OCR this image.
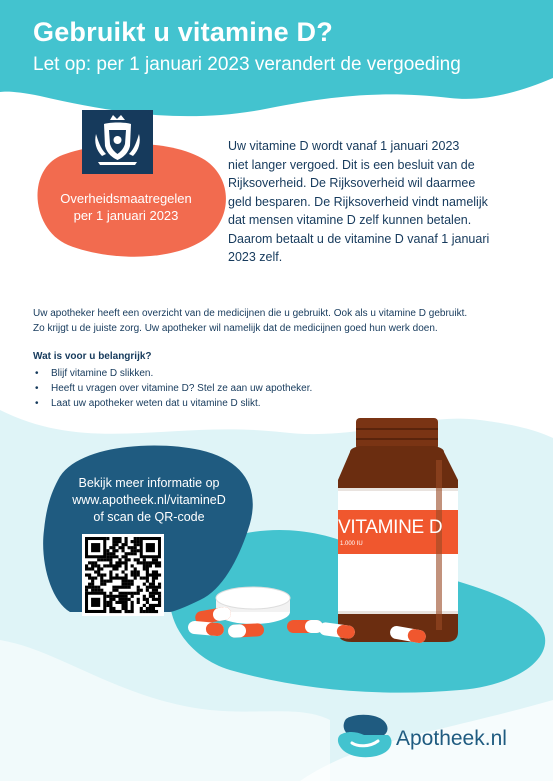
Gebruikt u vitamine D?
Let op: per 1 januari 2023 verandert de vergoeding
Overheidsmaatregelen
per 1 januari 2023
Uw vitamine D wordt vanaf 1 januari 2023
niet langer vergoed. Dit is een besluit van de
Rijksoverheid. De Rijksoverheid wil daarmee
geld besparen. De Rijksoverheid vindt namelijk
dat mensen vitamine D zelf kunnen betalen.
Daarom betaalt u de vitamine D vanaf 1 januari
2023 zelf.
Uw apotheker heeft een overzicht van de medicijnen die u gebruikt. Ook als u vitamine D gebruikt.
Zo krijgt u de juiste zorg. Uw apotheker wil namelijk dat de medicijnen goed hun werk doen.
Wat is voor u belangrijk?
• Blijf vitamine D slikken.
• Heeft u vragen over vitamine D? Stel ze aan uw apotheker.
• Laat uw apotheker weten dat u vitamine D slikt.
Bekijk meer informatie op
www.apotheek.nl/vitamineD
of scan de QR-code	VITAMINE D
1.000 IU
Apotheek.nl
